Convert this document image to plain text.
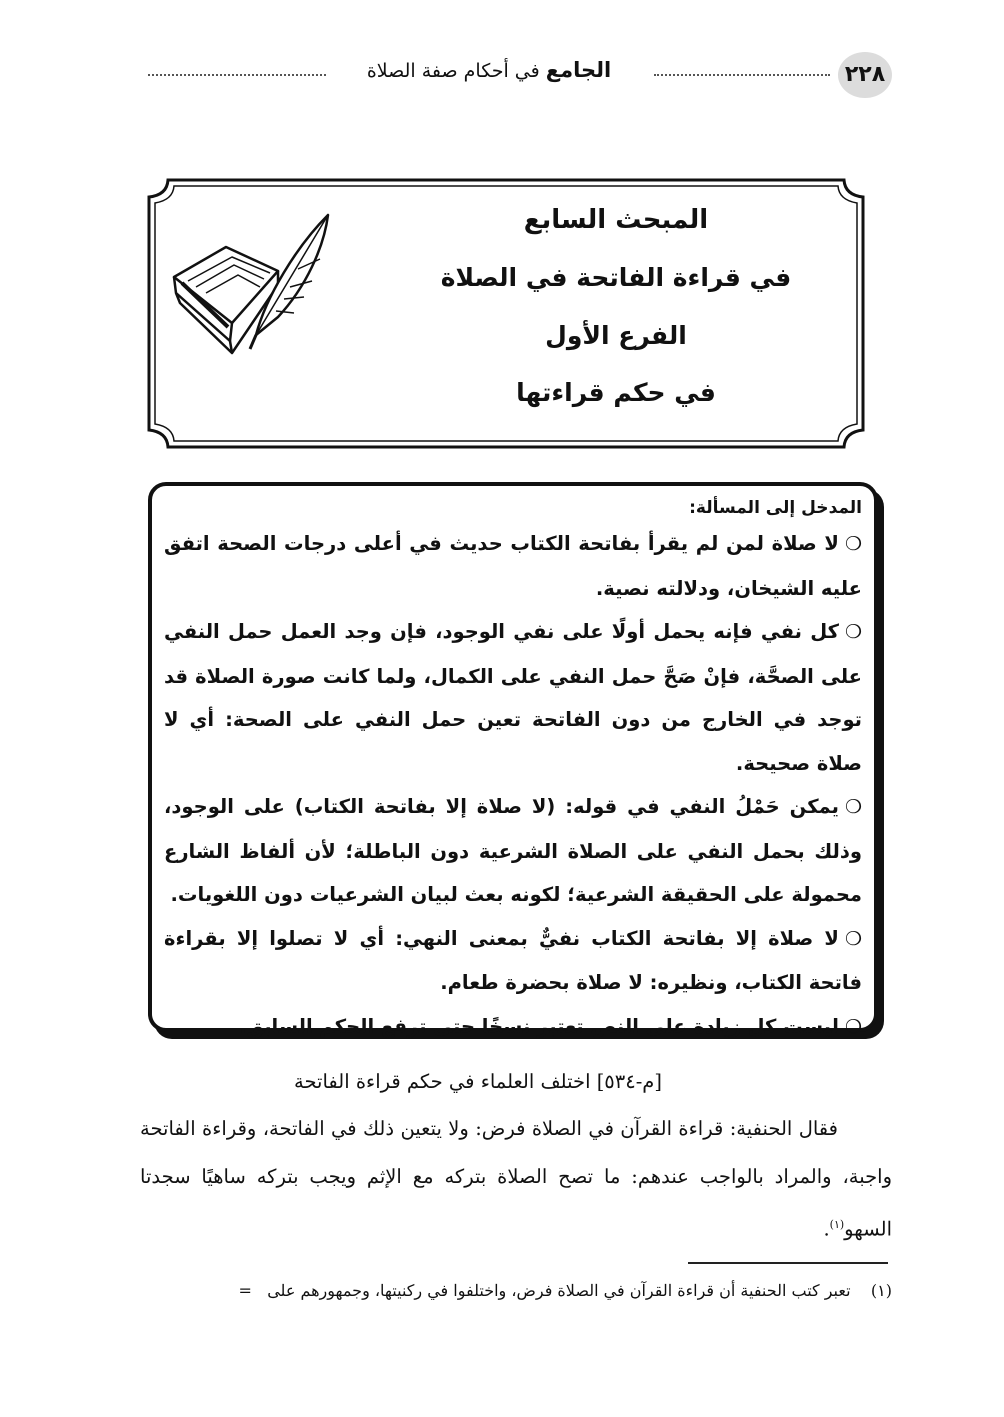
٢٢٨
الجامع في أحكام صفة الصلاة
المبحث السابع
في قراءة الفاتحة في الصلاة
الفرع الأول
في حكم قراءتها

المدخل إلى المسألة:

❍لا صلاة لمن لم يقرأ بفاتحة الكتاب حديث في أعلى درجات الصحة اتفق عليه الشيخان، ودلالته نصية.

❍كل نفي فإنه يحمل أولًا على نفي الوجود، فإن وجد العمل حمل النفي على الصحَّة، فإنْ صَحَّ حمل النفي على الكمال، ولما كانت صورة الصلاة قد توجد في الخارج من دون الفاتحة تعين حمل النفي على الصحة: أي لا صلاة صحيحة.

❍يمكن حَمْلُ النفي في قوله: (لا صلاة إلا بفاتحة الكتاب) على الوجود، وذلك بحمل النفي على الصلاة الشرعية دون الباطلة؛ لأن ألفاظ الشارع محمولة على الحقيقة الشرعية؛ لكونه بعث لبيان الشرعيات دون اللغويات.

❍لا صلاة إلا بفاتحة الكتاب نفيٌّ بمعنى النهي: أي لا تصلوا إلا بقراءة فاتحة الكتاب، ونظيره: لا صلاة بحضرة طعام.

❍ليست كل زيادة على النص تعتبر نسخًا حتى ترفع الحكم السابق.

[م-٥٣٤] اختلف العلماء في حكم قراءة الفاتحة
فقال الحنفية: قراءة القرآن في الصلاة فرض: ولا يتعين ذلك في الفاتحة، وقراءة الفاتحة واجبة، والمراد بالواجب عندهم: ما تصح الصلاة بتركه مع الإثم ويجب بتركه ساهيًا سجدتا السهو$^{(١)}$.
(١)    تعبر كتب الحنفية أن قراءة القرآن في الصلاة فرض، واختلفوا في ركنيتها، وجمهورهم على   =
